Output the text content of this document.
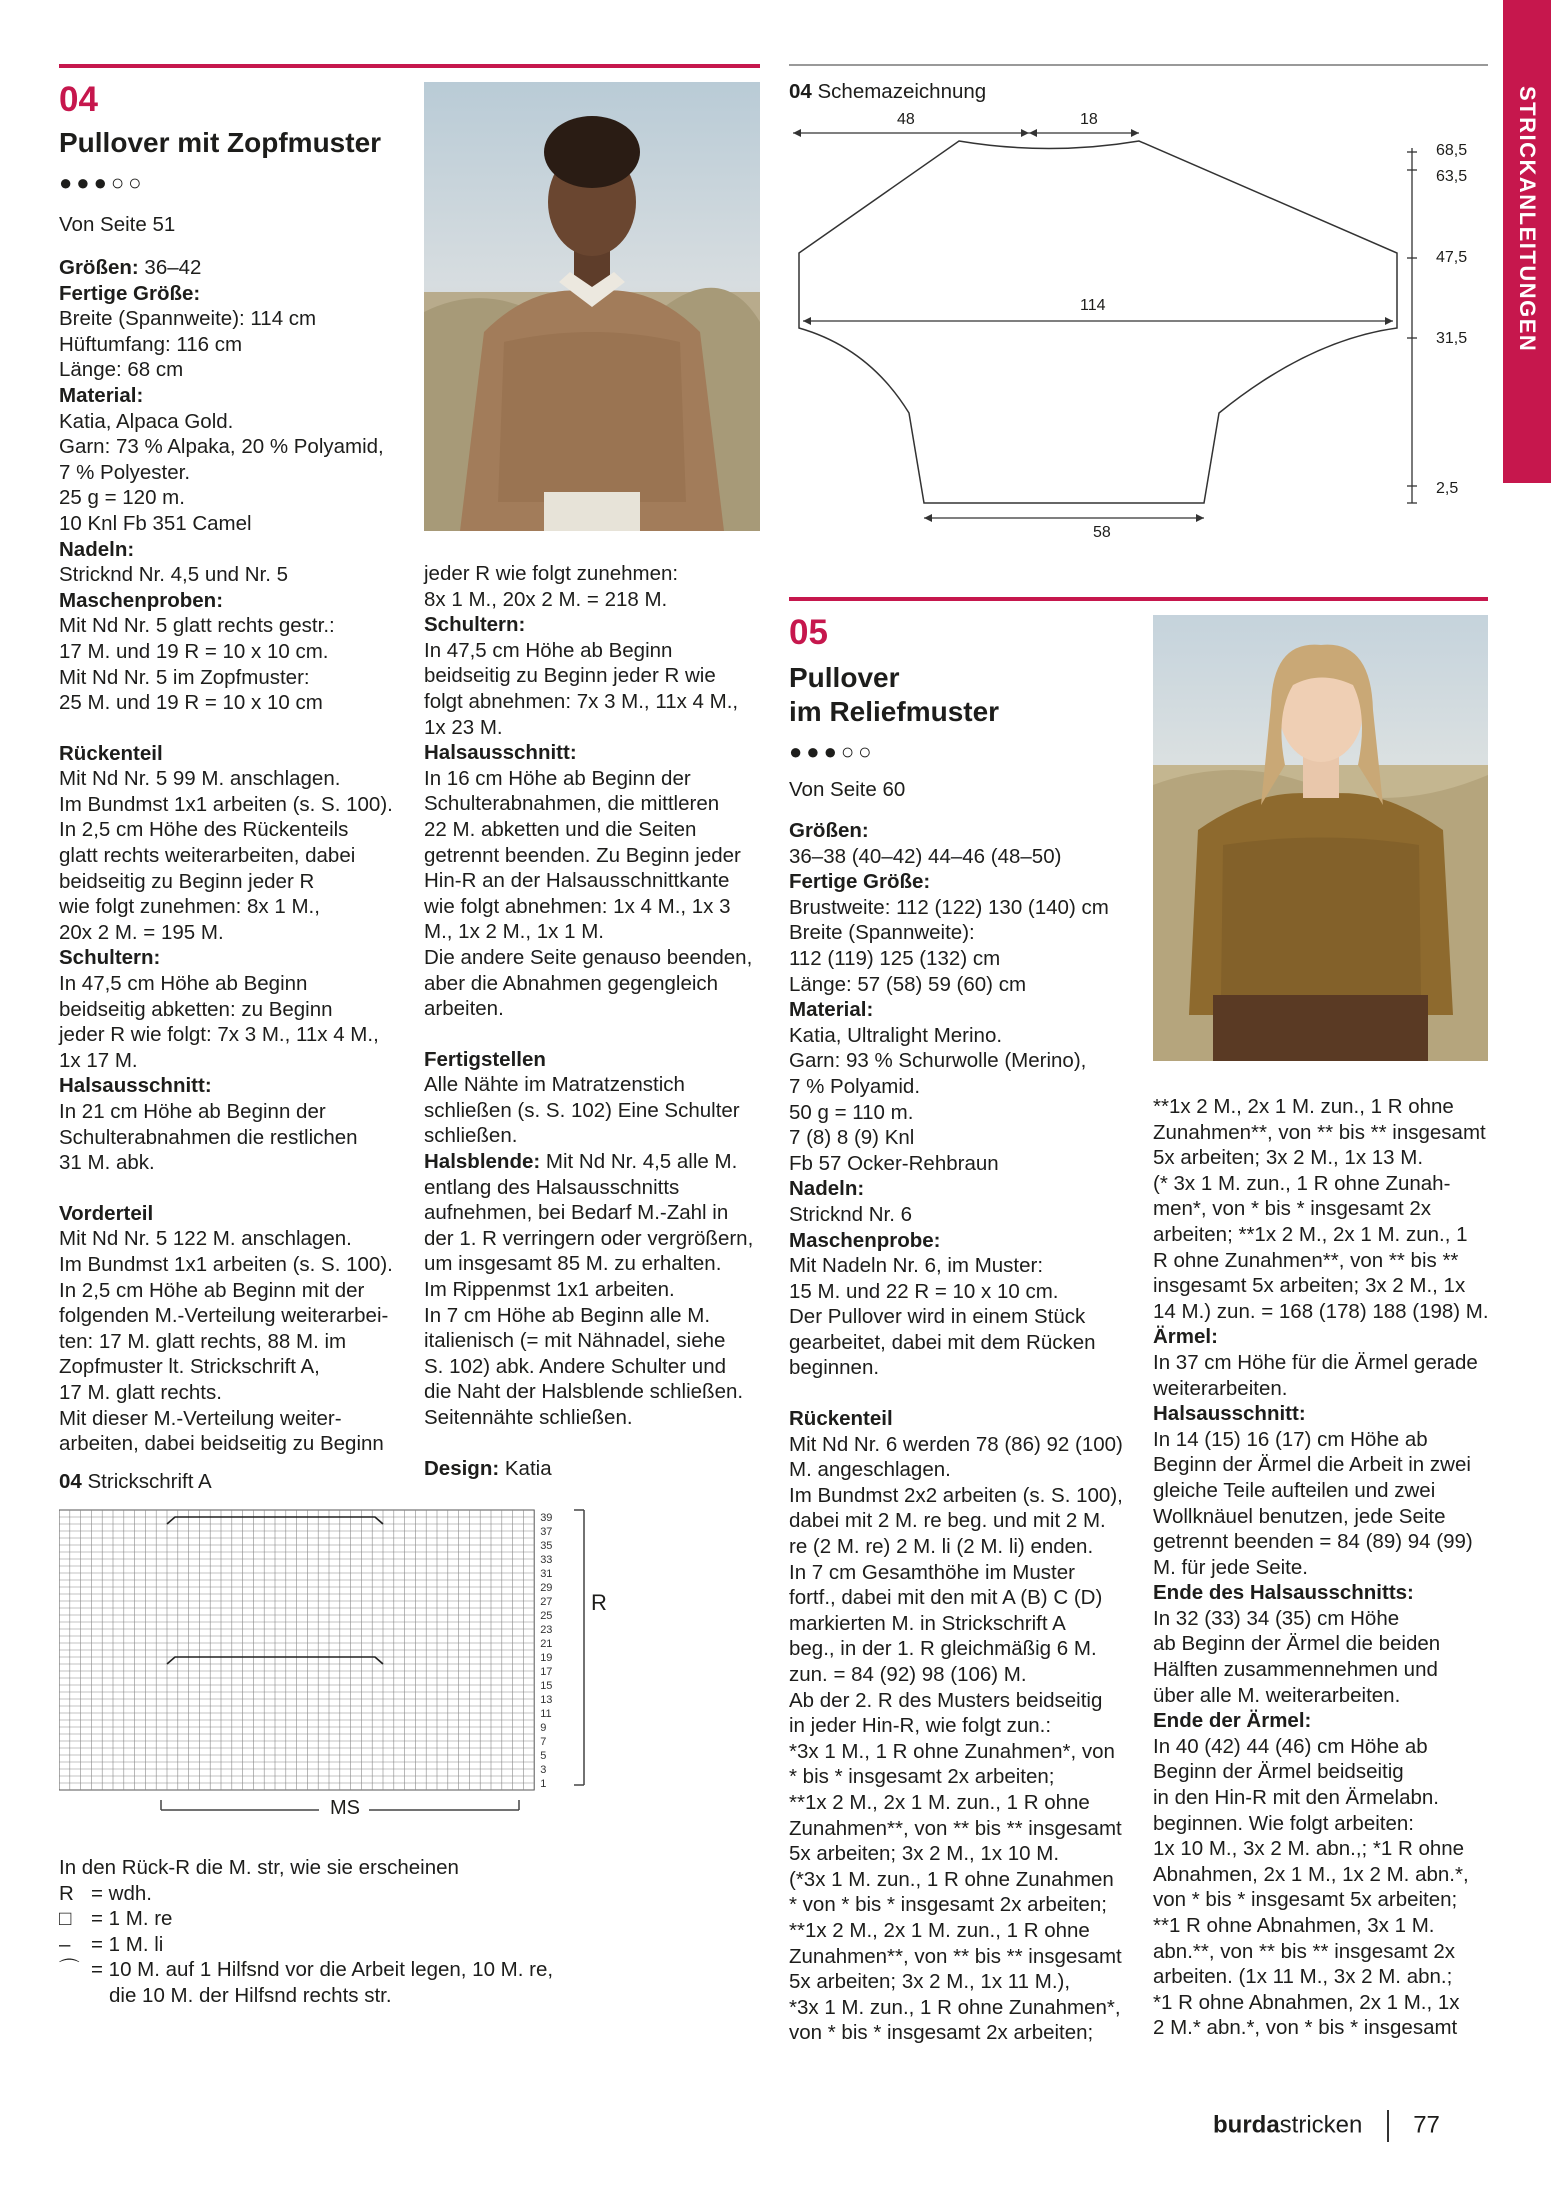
STRICKANLEITUNGEN
04
Pullover mit Zopfmuster
●●●○○
Von Seite 51

Größen: 36–42

Fertige Größe:

Breite (Spannweite): 114 cm

Hüftumfang: 116 cm

Länge: 68 cm

Material:

Katia, Alpaca Gold.

Garn: 73 % Alpaka, 20 % Polyamid,

7 % Polyester.

25 g = 120 m.

10 Knl Fb 351 Camel

Nadeln:

Stricknd Nr. 4,5 und Nr. 5

Maschenproben:

Mit Nd Nr. 5 glatt rechts gestr.:

17 M. und 19 R = 10 x 10 cm.

Mit Nd Nr. 5 im Zopfmuster:

25 M. und 19 R = 10 x 10 cm

Rückenteil

Mit Nd Nr. 5 99 M. anschlagen.

Im Bundmst 1x1 arbeiten (s. S. 100).

In 2,5 cm Höhe des Rückenteils

glatt rechts weiterarbeiten, dabei

beidseitig zu Beginn jeder R

wie folgt zunehmen: 8x 1 M.,

20x 2 M. = 195 M.

Schultern:

In 47,5 cm Höhe ab Beginn

beidseitig abketten: zu Beginn

jeder R wie folgt: 7x 3 M., 11x 4 M.,

1x 17 M.

Halsausschnitt:

In 21 cm Höhe ab Beginn der

Schulterabnahmen die restlichen

31 M. abk.

Vorderteil

Mit Nd Nr. 5 122 M. anschlagen.

Im Bundmst 1x1 arbeiten (s. S. 100).

In 2,5 cm Höhe ab Beginn mit der

folgenden M.-Verteilung weiterarbei-

ten: 17 M. glatt rechts, 88 M. im

Zopfmuster lt. Strickschrift A,

17 M. glatt rechts.

Mit dieser M.-Verteilung weiter-

arbeiten, dabei beidseitig zu Beginn

jeder R wie folgt zunehmen:

8x 1 M., 20x 2 M. = 218 M.

Schultern:

In 47,5 cm Höhe ab Beginn

beidseitig zu Beginn jeder R wie

folgt abnehmen: 7x 3 M., 11x 4 M.,

1x 23 M.

Halsausschnitt:

In 16 cm Höhe ab Beginn der

Schulterabnahmen, die mittleren

22 M. abketten und die Seiten

getrennt beenden. Zu Beginn jeder

Hin-R an der Halsausschnittkante

wie folgt abnehmen: 1x 4 M., 1x 3

M., 1x 2 M., 1x 1 M.

Die andere Seite genauso beenden,

aber die Abnahmen gegengleich

arbeiten.

Fertigstellen

Alle Nähte im Matratzenstich

schließen (s. S. 102) Eine Schulter

schließen.

Halsblende: Mit Nd Nr. 4,5 alle M.

entlang des Halsausschnitts

aufnehmen, bei Bedarf M.-Zahl in

der 1. R verringern oder vergrößern,

um insgesamt 85 M. zu erhalten.

Im Rippenmst 1x1 arbeiten.

In 7 cm Höhe ab Beginn alle M.

italienisch (= mit Nähnadel, siehe

S. 102) abk. Andere Schulter und

die Naht der Halsblende schließen.

Seitennähte schließen.

Design: Katia

04 Strickschrift A
39
37
35
33
31
29
27
25
23
21
19
17
15
13
11
9
7
5
3
1
R
MS

In den Rück-R die M. str, wie sie erscheinen

R = wdh.
□ = 1 M. re
–	= 1 M. li
⌒ = 10 M. auf 1 Hilfsnd vor die Arbeit legen, 10 M. re,
die 10 M. der Hilfsnd rechts str.
04 Schemazeichnung
48	18
114
58
68,5
63,5
47,5
31,5
2,5
05
Pullover
im Reliefmuster
●●●○○
Von Seite 60

Größen:

36–38 (40–42) 44–46 (48–50)

Fertige Größe:

Brustweite: 112 (122) 130 (140) cm

Breite (Spannweite):

112 (119) 125 (132) cm

Länge: 57 (58) 59 (60) cm

Material:

Katia, Ultralight Merino.

Garn: 93 % Schurwolle (Merino),

7 % Polyamid.

50 g = 110 m.

7 (8) 8 (9) Knl

Fb 57 Ocker-Rehbraun

Nadeln:

Stricknd Nr. 6

Maschenprobe:

Mit Nadeln Nr. 6, im Muster:

15 M. und 22 R = 10 x 10 cm.

Der Pullover wird in einem Stück

gearbeitet, dabei mit dem Rücken

beginnen.

Rückenteil

Mit Nd Nr. 6 werden 78 (86) 92 (100)

M. angeschlagen.

Im Bundmst 2x2 arbeiten (s. S. 100),

dabei mit 2 M. re beg. und mit 2 M.

re (2 M. re) 2 M. li (2 M. li) enden.

In 7 cm Gesamthöhe im Muster

fortf., dabei mit den mit A (B) C (D)

markierten M. in Strickschrift A

beg., in der 1. R gleichmäßig 6 M.

zun. = 84 (92) 98 (106) M.

Ab der 2. R des Musters beidseitig

in jeder Hin-R, wie folgt zun.:

*3x 1 M., 1 R ohne Zunahmen*, von

* bis * insgesamt 2x arbeiten;

**1x 2 M., 2x 1 M. zun., 1 R ohne

Zunahmen**, von ** bis ** insgesamt

5x arbeiten; 3x 2 M., 1x 10 M.

(*3x 1 M. zun., 1 R ohne Zunahmen

* von * bis * insgesamt 2x arbeiten;

**1x 2 M., 2x 1 M. zun., 1 R ohne

Zunahmen**, von ** bis ** insgesamt

5x arbeiten; 3x 2 M., 1x 11 M.),

*3x 1 M. zun., 1 R ohne Zunahmen*,

von * bis * insgesamt 2x arbeiten;

**1x 2 M., 2x 1 M. zun., 1 R ohne

Zunahmen**, von ** bis ** insgesamt

5x arbeiten; 3x 2 M., 1x 13 M.

(* 3x 1 M. zun., 1 R ohne Zunah-

men*, von * bis * insgesamt 2x

arbeiten; **1x 2 M., 2x 1 M. zun., 1

R ohne Zunahmen**, von ** bis **

insgesamt 5x arbeiten; 3x 2 M., 1x

14 M.) zun. = 168 (178) 188 (198) M.

Ärmel:

In 37 cm Höhe für die Ärmel gerade

weiterarbeiten.

Halsausschnitt:

In 14 (15) 16 (17) cm Höhe ab

Beginn der Ärmel die Arbeit in zwei

gleiche Teile aufteilen und zwei

Wollknäuel benutzen, jede Seite

getrennt beenden = 84 (89) 94 (99)

M. für jede Seite.

Ende des Halsausschnitts:

In 32 (33) 34 (35) cm Höhe

ab Beginn der Ärmel die beiden

Hälften zusammennehmen und

über alle M. weiterarbeiten.

Ende der Ärmel:

In 40 (42) 44 (46) cm Höhe ab

Beginn der Ärmel beidseitig

in den Hin-R mit den Ärmelabn.

beginnen. Wie folgt arbeiten:

1x 10 M., 3x 2 M. abn.,; *1 R ohne

Abnahmen, 2x 1 M., 1x 2 M. abn.*,

von * bis * insgesamt 5x arbeiten;

**1 R ohne Abnahmen, 3x 1 M.

abn.**, von ** bis ** insgesamt 2x

arbeiten. (1x 11 M., 3x 2 M. abn.;

*1 R ohne Abnahmen, 2x 1 M., 1x

2 M.* abn.*, von * bis * insgesamt

burdastricken 77
